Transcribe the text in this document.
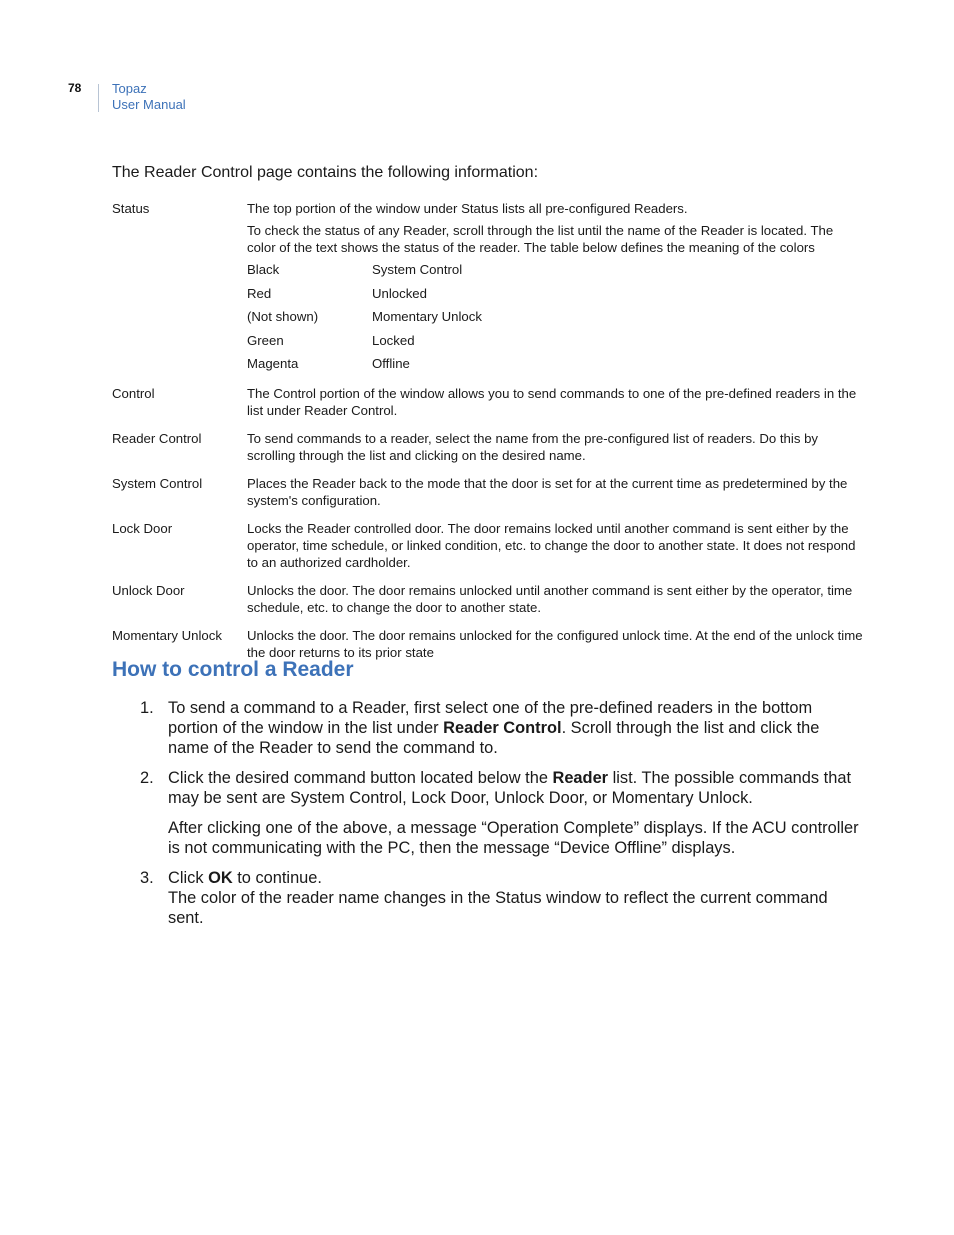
78 Topaz
User Manual

The Reader Control page contains the following information:

Status	The top portion of the window under Status lists all pre-configured Readers.

To check the status of any Reader, scroll through the list until the name of the Reader is located. The color of the text shows the status of the reader. The table below defines the meaning of the colors

Black	System Control
Red	Unlocked
(Not shown)	Momentary Unlock
Green	Locked
Magenta	Offline
Control	The Control portion of the window allows you to send commands to one of the pre-defined readers in the list under Reader Control.

Reader Control	To send commands to a reader, select the name from the pre-configured list of readers. Do this by scrolling through the list and clicking on the desired name.

System Control	Places the Reader back to the mode that the door is set for at the current time as predetermined by the system's configuration.

Lock Door	Locks the Reader controlled door. The door remains locked until another command is sent either by the operator, time schedule, or linked condition, etc. to change the door to another state. It does not respond to an authorized cardholder.

Unlock Door	Unlocks the door. The door remains unlocked until another command is sent either by the operator, time schedule, etc. to change the door to another state.

Momentary Unlock	Unlocks the door. The door remains unlocked for the configured unlock time. At the end of the unlock time the door returns to its prior state

How to control a Reader
1. To send a command to a Reader, first select one of the pre-defined readers in the bottom portion of the window in the list under Reader Control. Scroll through the list and click the name of the Reader to send the command to.

2. Click the desired command button located below the Reader list. The possible commands that may be sent are System Control, Lock Door, Unlock Door, or Momentary Unlock.

After clicking one of the above, a message “Operation Complete” displays. If the ACU controller is not communicating with the PC, then the message “Device Offline” displays.

3. Click OK to continue.

The color of the reader name changes in the Status window to reflect the current command sent.
